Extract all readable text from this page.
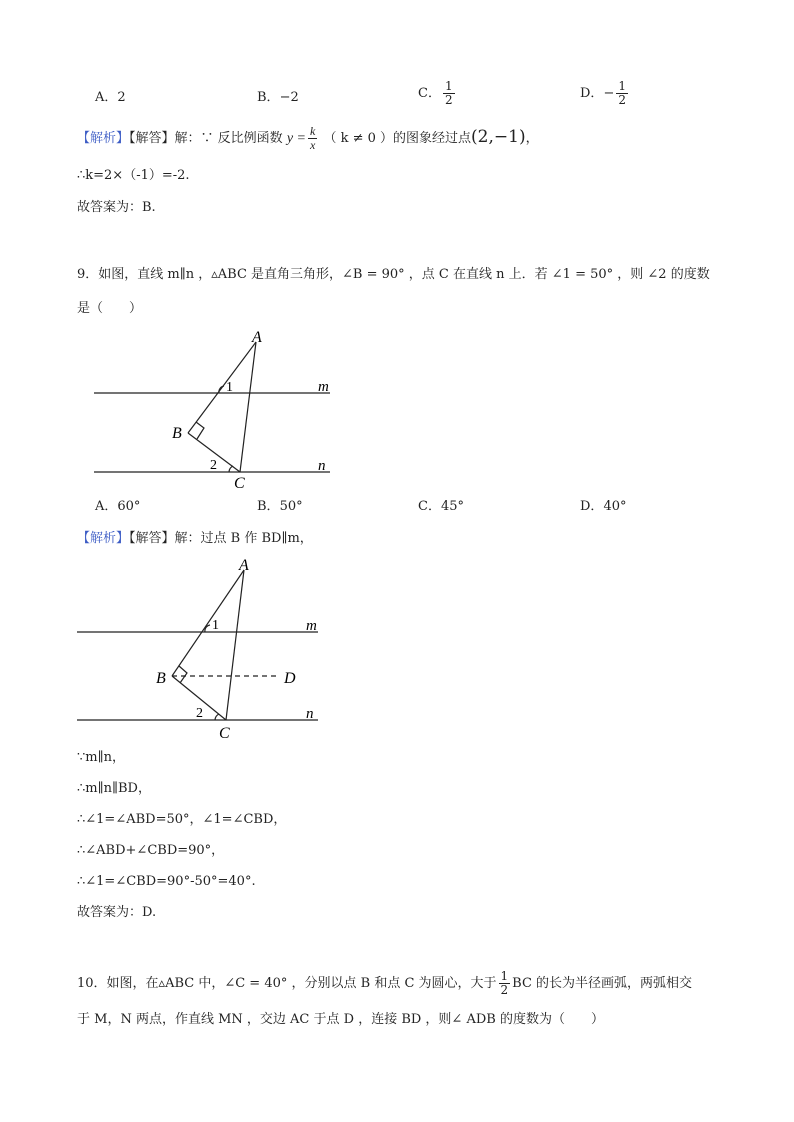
A．2	B．−2	C． $\frac{1}{2}$	D．− $\frac{1}{2}$
【解析】【解答】解：∵ 反比例函数 $y = \frac{k}{x}$ （ k ≠ 0 ）的图象经过点(2,−1)，
∴k=2×（-1）=-2.
故答案为：B.
9．如图，直线 m∥n ，▵ABC 是直角三角形，∠B = 90° ，点 C 在直线 n 上．若 ∠1 = 50° ，则 ∠2 的度数
是（　　）
A
B
C
m
n
1
2
A．60°	B．50°	C．45°	D．40°
【解析】【解答】解：过点 B 作 BD∥m，
A
B
C
D
m
n
1
2
∵m∥n，
∴m∥n∥BD，
∴∠1=∠ABD=50°，∠1=∠CBD，
∴∠ABD+∠CBD=90°，
∴∠1=∠CBD=90°-50°=40°.
故答案为：D.
10．如图，在▵ABC 中，∠C = 40° ，分别以点 B 和点 C 为圆心，大于 $\frac{1}{2}$ BC 的长为半径画弧，两弧相交
于 M，N 两点，作直线 MN ，交边 AC 于点 D ，连接 BD ，则∠ ADB 的度数为（　　）
